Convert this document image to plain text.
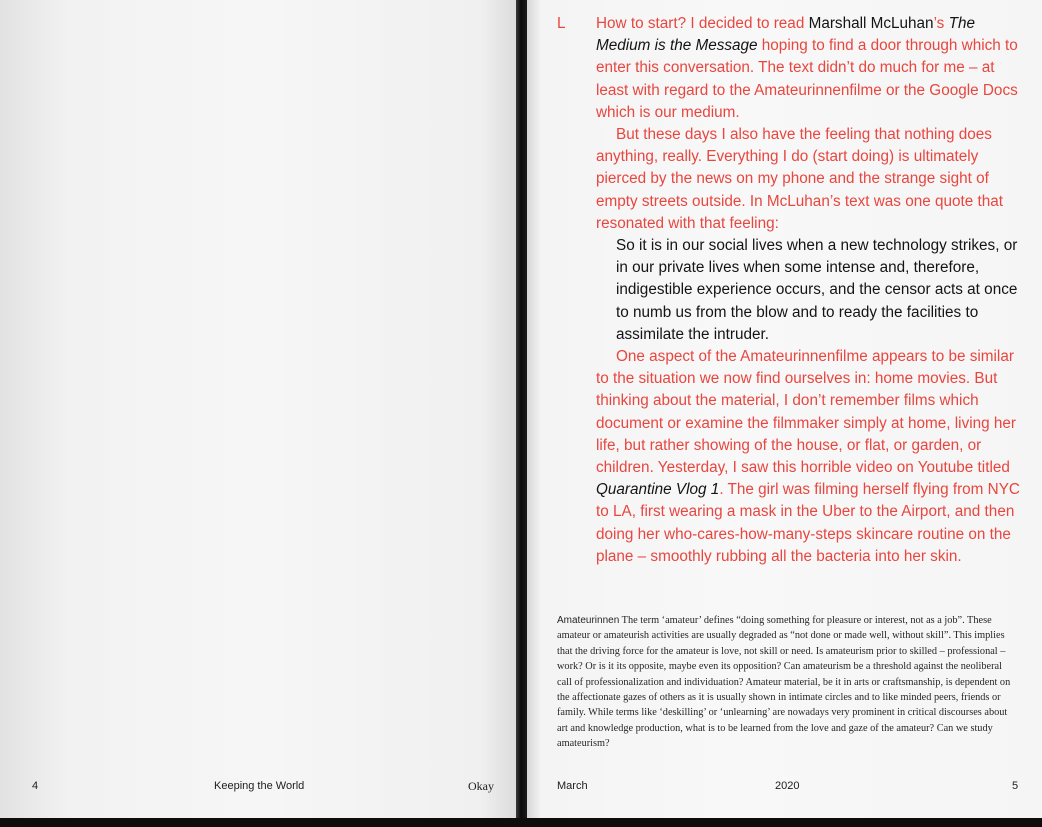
4	Keeping the World	Okay
L How to start? I decided to read Marshall McLuhan’s The Medium is the Message hoping to find a door through which to enter this conversation. The text didn’t do much for me – at least with regard to the Amateurinnenfilme or the Google Docs which is our medium.

But these days I also have the feeling that nothing does anything, really. Everything I do (start doing) is ultimately pierced by the news on my phone and the strange sight of empty streets outside. In McLuhan’s text was one quote that resonated with that feeling:

So it is in our social lives when a new technology strikes, or in our private lives when some intense and, therefore, indigestible experience occurs, and the censor acts at once to numb us from the blow and to ready the facilities to assimilate the intruder.

One aspect of the Amateurinnenfilme appears to be similar to the situation we now find ourselves in: home movies. But thinking about the material, I don’t remember films which document or examine the filmmaker simply at home, living her life, but rather showing of the house, or flat, or garden, or children. Yesterday, I saw this horrible video on Youtube titled Quarantine Vlog 1. The girl was filming herself flying from NYC to LA, first wearing a mask in the Uber to the Airport, and then doing her who-cares-how-many-steps skincare routine on the plane – smoothly rubbing all the bacteria into her skin.

Amateurinnen The term ‘amateur’ defines “doing something for pleasure or interest, not as a job”. These amateur or amateurish activities are usually degraded as “not done or made well, without skill”. This implies that the driving force for the amateur is love, not skill or need. Is amateurism prior to skilled – professional – work? Or is it its opposite, maybe even its opposition? Can amateurism be a threshold against the neoliberal call of professionalization and individuation? Amateur material, be it in arts or craftsmanship, is dependent on the affectionate gazes of others as it is usually shown in intimate circles and to like minded peers, friends or family. While terms like ‘deskilling’ or ‘unlearning’ are nowadays very prominent in critical discourses about art and knowledge production, what is to be learned from the love and gaze of the amateur? Can we study amateurism?

March	2020	5
